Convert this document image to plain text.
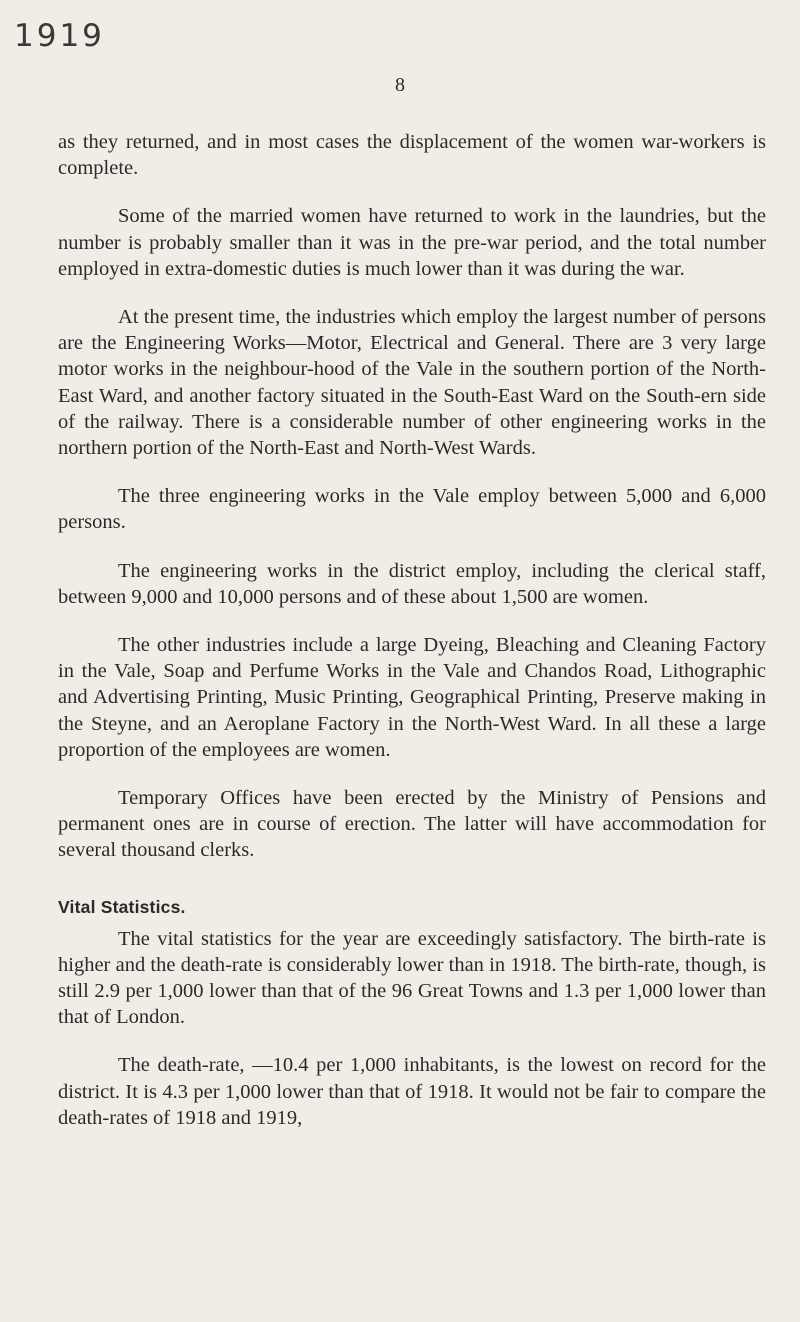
1919
8

as they returned, and in most cases the displacement of the women war-workers is complete.

Some of the married women have returned to work in the laundries, but the number is probably smaller than it was in the pre-war period, and the total number employed in extra-domestic duties is much lower than it was during the war.

At the present time, the industries which employ the largest number of persons are the Engineering Works—Motor, Electrical and General. There are 3 very large motor works in the neighbour-hood of the Vale in the southern portion of the North-East Ward, and another factory situated in the South-East Ward on the South-ern side of the railway. There is a considerable number of other engineering works in the northern portion of the North-East and North-West Wards.

The three engineering works in the Vale employ between 5,000 and 6,000 persons.

The engineering works in the district employ, including the clerical staff, between 9,000 and 10,000 persons and of these about 1,500 are women.

The other industries include a large Dyeing, Bleaching and Cleaning Factory in the Vale, Soap and Perfume Works in the Vale and Chandos Road, Lithographic and Advertising Printing, Music Printing, Geographical Printing, Preserve making in the Steyne, and an Aeroplane Factory in the North-West Ward. In all these a large proportion of the employees are women.

Temporary Offices have been erected by the Ministry of Pensions and permanent ones are in course of erection. The latter will have accommodation for several thousand clerks.

Vital Statistics.

The vital statistics for the year are exceedingly satisfactory. The birth-rate is higher and the death-rate is considerably lower than in 1918. The birth-rate, though, is still 2.9 per 1,000 lower than that of the 96 Great Towns and 1.3 per 1,000 lower than that of London.

The death-rate, —10.4 per 1,000 inhabitants, is the lowest on record for the district. It is 4.3 per 1,000 lower than that of 1918. It would not be fair to compare the death-rates of 1918 and 1919,
